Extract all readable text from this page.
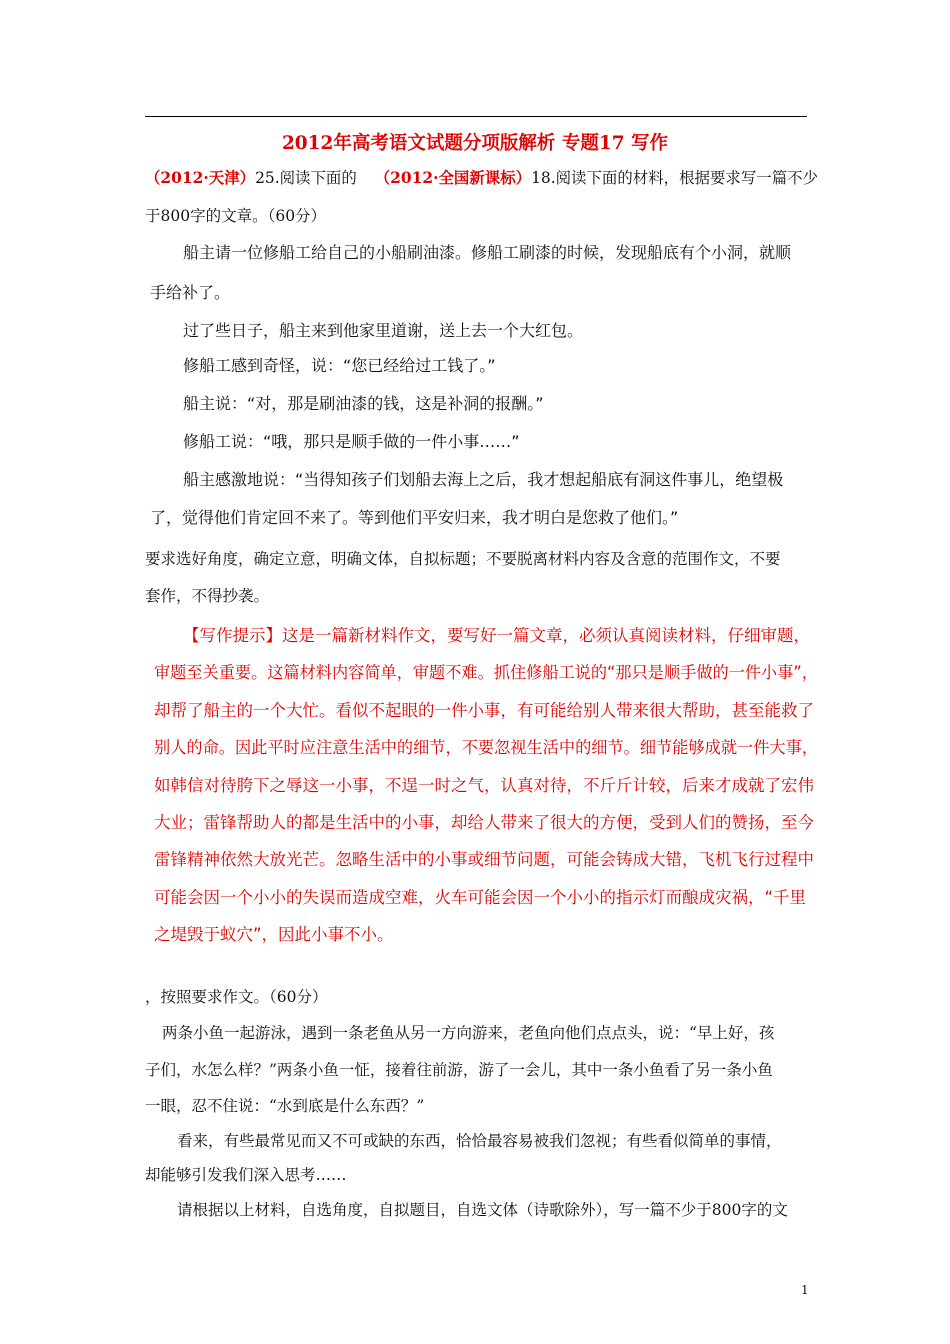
2012年高考语文试题分项版解析 专题17 写作
（2012·天津）25.阅读下面的 （2012·全国新课标）18.阅读下面的材料，根据要求写一篇不少
于800字的文章。（60分）
船主请一位修船工给自己的小船刷油漆。修船工刷漆的时候，发现船底有个小洞，就顺
手给补了。
过了些日子，船主来到他家里道谢，送上去一个大红包。
修船工感到奇怪，说：“您已经给过工钱了。”
船主说：“对，那是刷油漆的钱，这是补洞的报酬。”
修船工说：“哦，那只是顺手做的一件小事……”
船主感激地说：“当得知孩子们划船去海上之后，我才想起船底有洞这件事儿，绝望极
了，觉得他们肯定回不来了。等到他们平安归来，我才明白是您救了他们。”
要求选好角度，确定立意，明确文体，自拟标题；不要脱离材料内容及含意的范围作文，不要
套作，不得抄袭。
【写作提示】这是一篇新材料作文，要写好一篇文章，必须认真阅读材料，仔细审题，
审题至关重要。这篇材料内容简单，审题不难。抓住修船工说的“那只是顺手做的一件小事”，
却帮了船主的一个大忙。看似不起眼的一件小事，有可能给别人带来很大帮助，甚至能救了
别人的命。因此平时应注意生活中的细节，不要忽视生活中的细节。细节能够成就一件大事，
如韩信对待胯下之辱这一小事，不逞一时之气，认真对待，不斤斤计较，后来才成就了宏伟
大业；雷锋帮助人的都是生活中的小事，却给人带来了很大的方便，受到人们的赞扬，至今
雷锋精神依然大放光芒。忽略生活中的小事或细节问题，可能会铸成大错，飞机飞行过程中
可能会因一个小小的失误而造成空难，火车可能会因一个小小的指示灯而酿成灾祸，“千里
之堤毁于蚁穴”，因此小事不小。
，按照要求作文。（60分）
两条小鱼一起游泳，遇到一条老鱼从另一方向游来，老鱼向他们点点头，说：“早上好，孩
子们，水怎么样？”两条小鱼一怔，接着往前游，游了一会儿，其中一条小鱼看了另一条小鱼
一眼，忍不住说：“水到底是什么东西？”
看来，有些最常见而又不可或缺的东西，恰恰最容易被我们忽视；有些看似简单的事情，
却能够引发我们深入思考……
请根据以上材料，自选角度，自拟题目，自选文体（诗歌除外），写一篇不少于800字的文
1
